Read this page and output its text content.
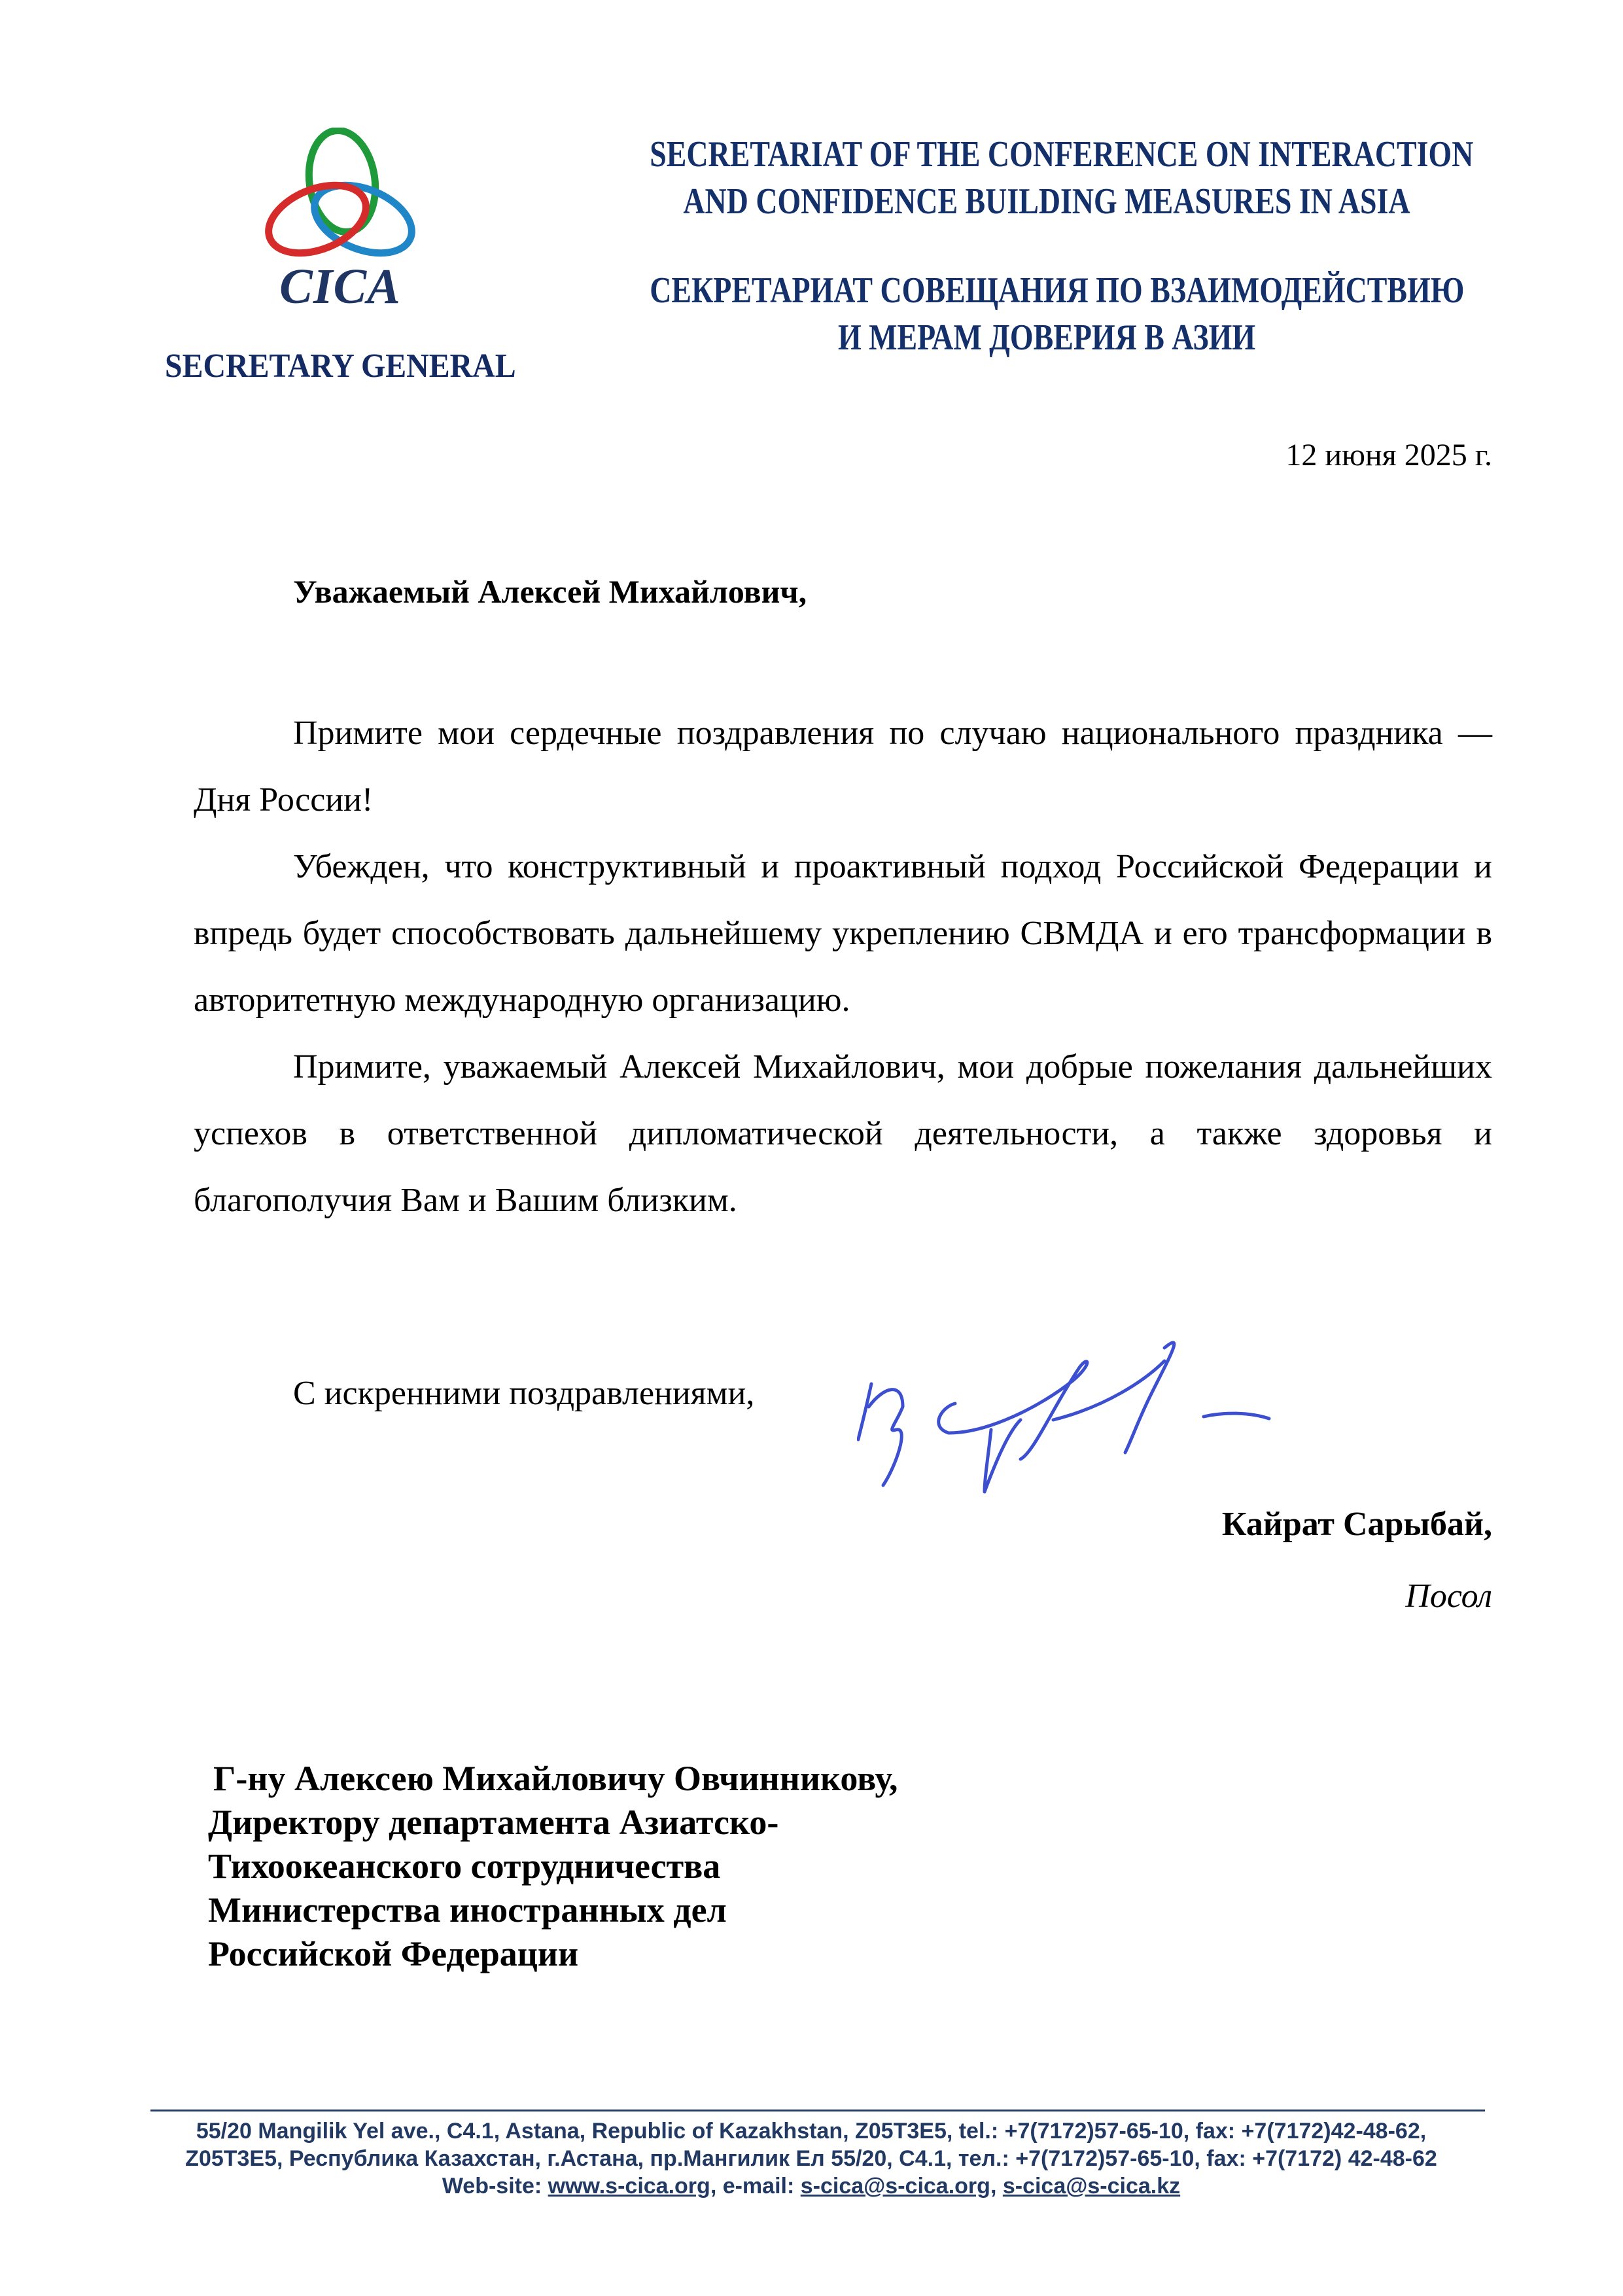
CICA
SECRETARY GENERAL
SECRETARIAT OF THE CONFERENCE ON INTERACTION
AND CONFIDENCE BUILDING MEASURES IN ASIA
СЕКРЕТАРИАТ СОВЕЩАНИЯ ПО ВЗАИМОДЕЙСТВИЮ
И МЕРАМ ДОВЕРИЯ В АЗИИ
12 июня 2025 г.
Уважаемый Алексей Михайлович,

Примите мои сердечные поздравления по случаю национального праздника — Дня России!

Убежден, что конструктивный и проактивный подход Российской Федерации и впредь будет способствовать дальнейшему укреплению СВМДА и его трансформации в авторитетную международную организацию.

Примите, уважаемый Алексей Михайлович, мои добрые пожелания дальнейших успехов в ответственной дипломатической деятельности, а также здоровья и благополучия Вам и Вашим близким.

С искренними поздравлениями,
Кайрат Сарыбай,
Посол
Г-ну Алексею Михайловичу Овчинникову,
Директору департамента Азиатско-
Тихоокеанского сотрудничества
Министерства иностранных дел
Российской Федерации
55/20 Mangilik Yel ave., C4.1, Astana, Republic of Kazakhstan, Z05T3E5, tel.: +7(7172)57-65-10, fax: +7(7172)42-48-62,
Z05T3E5, Республика Казахстан, г.Астана, пр.Мангилик Ел 55/20, С4.1, тел.: +7(7172)57-65-10, fax: +7(7172) 42-48-62
Web-site: www.s-cica.org, e-mail: s-cica@s-cica.org, s-cica@s-cica.kz
